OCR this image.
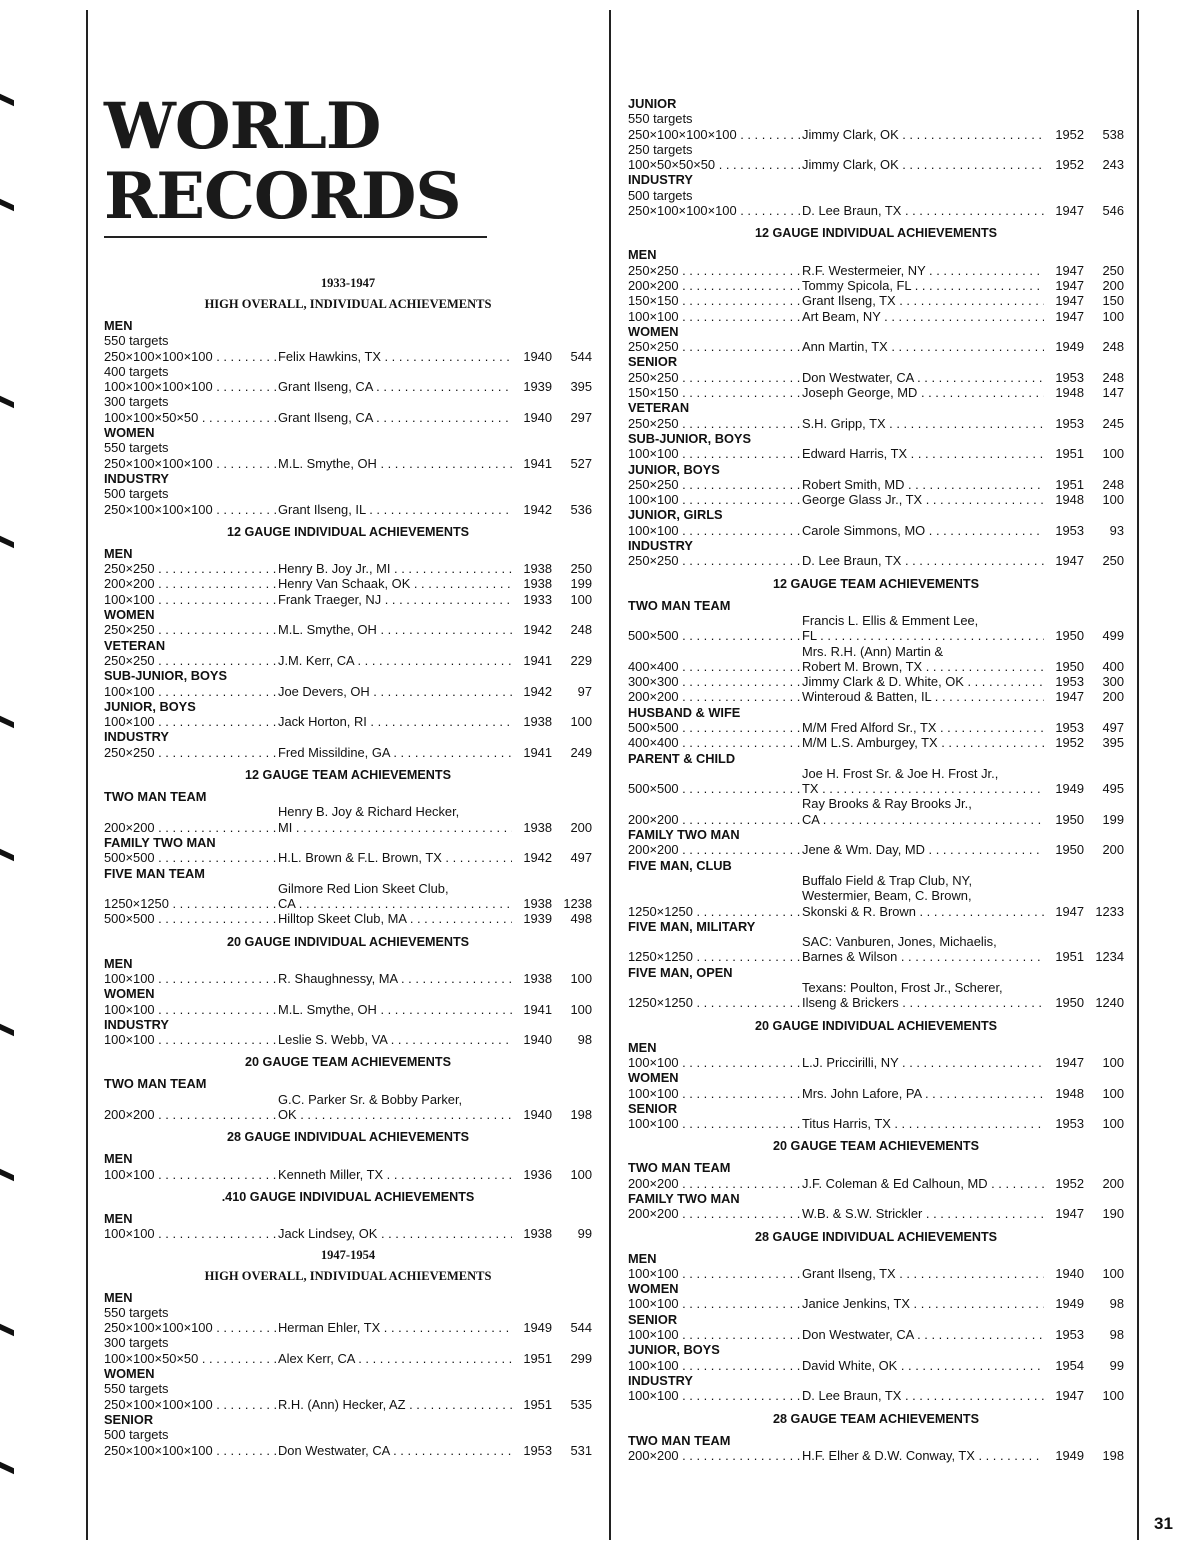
WORLD
RECORDS
1933-1947
HIGH OVERALL, INDIVIDUAL ACHIEVEMENTS
MEN
550 targets
250×100×100×100 . . .	Felix Hawkins, TX . . .	1940	544
400 targets
100×100×100×100 . . .	Grant Ilseng, CA . . .	1939	395
300 targets
100×100×50×50 . . .	Grant Ilseng, CA . . .	1940	297
WOMEN
550 targets
250×100×100×100 . . .	M.L. Smythe, OH . . .	1941	527
INDUSTRY
500 targets
250×100×100×100 . . .	Grant Ilseng, IL . . .	1942	536
12 GAUGE INDIVIDUAL ACHIEVEMENTS
MEN
250×250 . . .	Henry B. Joy Jr., MI . . .	1938	250
200×200 . . .	Henry Van Schaak, OK . . .	1938	199
100×100 . . .	Frank Traeger, NJ . . .	1933	100
WOMEN
250×250 . . .	M.L. Smythe, OH . . .	1942	248
VETERAN
250×250 . . .	J.M. Kerr, CA . . .	1941	229
SUB-JUNIOR, BOYS
100×100 . . .	Joe Devers, OH . . .	1942	97
JUNIOR, BOYS
100×100 . . .	Jack Horton, RI . . .	1938	100
INDUSTRY
250×250 . . .	Fred Missildine, GA . . .	1941	249
12 GAUGE TEAM ACHIEVEMENTS
TWO MAN TEAM
200×200 . . .
Henry B. Joy & Richard Hecker,
MI . . .	1938	200
FAMILY TWO MAN
500×500 . . .	H.L. Brown & F.L. Brown, TX . . .	1942	497
FIVE MAN TEAM
1250×1250 . . .
Gilmore Red Lion Skeet Club,
CA . . .	1938 1238
500×500 . . .	Hilltop Skeet Club, MA . . .	1939	498
20 GAUGE INDIVIDUAL ACHIEVEMENTS
MEN
100×100 . . .	R. Shaughnessy, MA . . .	1938	100
WOMEN
100×100 . . .	M.L. Smythe, OH . . .	1941	100
INDUSTRY
100×100 . . .	Leslie S. Webb, VA . . .	1940	98
20 GAUGE TEAM ACHIEVEMENTS
TWO MAN TEAM
200×200 . . .
G.C. Parker Sr. & Bobby Parker,
OK . . .	1940	198
28 GAUGE INDIVIDUAL ACHIEVEMENTS
MEN
100×100 . . .	Kenneth Miller, TX . . .	1936	100
.410 GAUGE INDIVIDUAL ACHIEVEMENTS
MEN
100×100 . . .	Jack Lindsey, OK . . .	1938	99
1947-1954
HIGH OVERALL, INDIVIDUAL ACHIEVEMENTS
MEN
550 targets
250×100×100×100 . . .	Herman Ehler, TX . . .	1949	544
300 targets
100×100×50×50 . . .	Alex Kerr, CA . . .	1951	299
WOMEN
550 targets
250×100×100×100 . . .	R.H. (Ann) Hecker, AZ . . .	1951	535
SENIOR
500 targets
250×100×100×100 . . .	Don Westwater, CA . . .	1953	531
JUNIOR
550 targets
250×100×100×100 . . .	Jimmy Clark, OK . . .	1952	538
250 targets
100×50×50×50 . . .	Jimmy Clark, OK . . .	1952	243
INDUSTRY
500 targets
250×100×100×100 . . .	D. Lee Braun, TX . . .	1947	546
12 GAUGE INDIVIDUAL ACHIEVEMENTS
MEN
250×250 . . .	R.F. Westermeier, NY . . .	1947	250
200×200 . . .	Tommy Spicola, FL . . .	1947	200
150×150 . . .	Grant Ilseng, TX . . .	1947	150
100×100 . . .	Art Beam, NY . . .	1947	100
WOMEN
250×250 . . .	Ann Martin, TX . . .	1949	248
SENIOR
250×250 . . .	Don Westwater, CA . . .	1953	248
150×150 . . .	Joseph George, MD . . .	1948	147
VETERAN
250×250 . . .	S.H. Gripp, TX . . .	1953	245
SUB-JUNIOR, BOYS
100×100 . . .	Edward Harris, TX . . .	1951	100
JUNIOR, BOYS
250×250 . . .	Robert Smith, MD . . .	1951	248
100×100 . . .	George Glass Jr., TX . . .	1948	100
JUNIOR, GIRLS
100×100 . . .	Carole Simmons, MO . . .	1953	93
INDUSTRY
250×250 . . .	D. Lee Braun, TX . . .	1947	250
12 GAUGE TEAM ACHIEVEMENTS
TWO MAN TEAM
500×500 . . .
Francis L. Ellis & Emment Lee,
FL . . .	1950	499
400×400 . . .
Mrs. R.H. (Ann) Martin &
Robert M. Brown, TX . . .	1950	400
300×300 . . .	Jimmy Clark & D. White, OK . . .	1953	300
200×200 . . .	Winteroud & Batten, IL . . .	1947	200
HUSBAND & WIFE
500×500 . . .	M/M Fred Alford Sr., TX . . .	1953	497
400×400 . . .	M/M L.S. Amburgey, TX . . .	1952	395
PARENT & CHILD
500×500 . . .
Joe H. Frost Sr. & Joe H. Frost Jr.,
TX . . .	1949	495
200×200 . . .
Ray Brooks & Ray Brooks Jr.,
CA . . .	1950	199
FAMILY TWO MAN
200×200 . . .	Jene & Wm. Day, MD . . .	1950	200
FIVE MAN, CLUB
1250×1250 . . .
Buffalo Field & Trap Club, NY,
Westermier, Beam, C. Brown,
Skonski & R. Brown . . .	1947 1233
FIVE MAN, MILITARY
1250×1250 . . .
SAC: Vanburen, Jones, Michaelis,
Barnes & Wilson . . .	1951 1234
FIVE MAN, OPEN
1250×1250 . . .
Texans: Poulton, Frost Jr., Scherer,
Ilseng & Brickers . . .	1950 1240
20 GAUGE INDIVIDUAL ACHIEVEMENTS
MEN
100×100 . . .	L.J. Priccirilli, NY . . .	1947	100
WOMEN
100×100 . . .	Mrs. John Lafore, PA . . .	1948	100
SENIOR
100×100 . . .	Titus Harris, TX . . .	1953	100
20 GAUGE TEAM ACHIEVEMENTS
TWO MAN TEAM
200×200 . . .	J.F. Coleman & Ed Calhoun, MD . . .	1952	200
FAMILY TWO MAN
200×200 . . .	W.B. & S.W. Strickler . . .	1947	190
28 GAUGE INDIVIDUAL ACHIEVEMENTS
MEN
100×100 . . .	Grant Ilseng, TX . . .	1940	100
WOMEN
100×100 . . .	Janice Jenkins, TX . . .	1949	98
SENIOR
100×100 . . .	Don Westwater, CA . . .	1953	98
JUNIOR, BOYS
100×100 . . .	David White, OK . . .	1954	99
INDUSTRY
100×100 . . .	D. Lee Braun, TX . . .	1947	100
28 GAUGE TEAM ACHIEVEMENTS
TWO MAN TEAM
200×200 . . .	H.F. Elher & D.W. Conway, TX . . .	1949	198
31
